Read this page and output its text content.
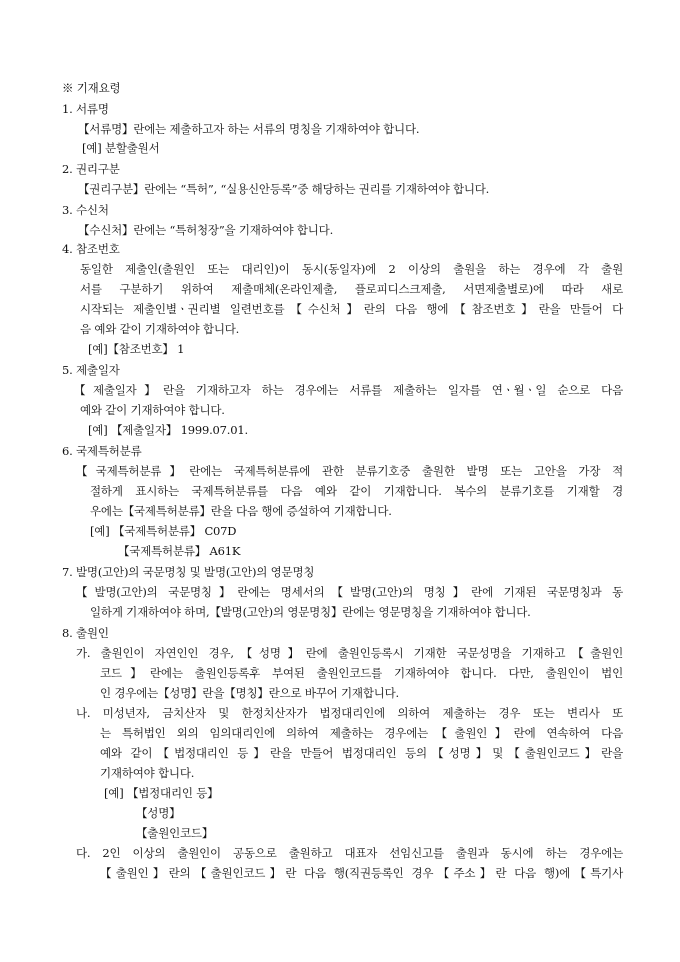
※ 기재요령
1. 서류명
【서류명】란에는 제출하고자 하는 서류의 명칭을 기재하여야 합니다.
[예] 분할출원서
2. 권리구분
【권리구분】란에는 “특허”, “실용신안등록”중 해당하는 권리를 기재하여야 합니다.
3. 수신처
【수신처】란에는 “특허청장”을 기재하여야 합니다.
4. 참조번호
동일한 제출인(출원인 또는 대리인)이 동시(동일자)에 2 이상의 출원을 하는 경우에 각 출원
서를 구분하기 위하여 제출매체(온라인제출, 플로피디스크제출, 서면제출별로)에 따라 새로
시작되는 제출인별ㆍ권리별 일련번호를【수신처】란의 다음 행에【참조번호】란을 만들어 다
음 예와 같이 기재하여야 합니다.
[예]【참조번호】 1
5. 제출일자
【제출일자】란을 기재하고자 하는 경우에는 서류를 제출하는 일자를 연ㆍ월ㆍ일 순으로 다음
예와 같이 기재하여야 합니다.
[예] 【제출일자】 1999.07.01.
6. 국제특허분류
【국제특허분류】란에는 국제특허분류에 관한 분류기호중 출원한 발명 또는 고안을 가장 적
절하게 표시하는 국제특허분류를 다음 예와 같이 기재합니다. 복수의 분류기호를 기재할 경
우에는【국제특허분류】란을 다음 행에 증설하여 기재합니다.
[예] 【국제특허분류】 C07D
【국제특허분류】 A61K
7. 발명(고안)의 국문명칭 및 발명(고안)의 영문명칭
【발명(고안)의 국문명칭】란에는 명세서의【발명(고안)의 명칭】란에 기재된 국문명칭과 동
일하게 기재하여야 하며,【발명(고안)의 영문명칭】란에는 영문명칭을 기재하여야 합니다.
8. 출원인
가. 출원인이 자연인인 경우,【성명】란에 출원인등록시 기재한 국문성명을 기재하고【출원인
코드】란에는 출원인등록후 부여된 출원인코드를 기재하여야 합니다. 다만, 출원인이 법인
인 경우에는【성명】란을【명칭】란으로 바꾸어 기재합니다.
나. 미성년자, 금치산자 및 한정치산자가 법정대리인에 의하여 제출하는 경우 또는 변리사 또
는 특허법인 외의 임의대리인에 의하여 제출하는 경우에는【출원인】란에 연속하여 다음
예와 같이【법정대리인 등】란을 만들어 법정대리인 등의【성명】및【출원인코드】란을
기재하여야 합니다.
[예] 【법정대리인 등】
【성명】
【출원인코드】
다. 2인 이상의 출원인이 공동으로 출원하고 대표자 선임신고를 출원과 동시에 하는 경우에는
【출원인】란의【출원인코드】란 다음 행(직권등록인 경우【주소】란 다음 행)에【특기사
